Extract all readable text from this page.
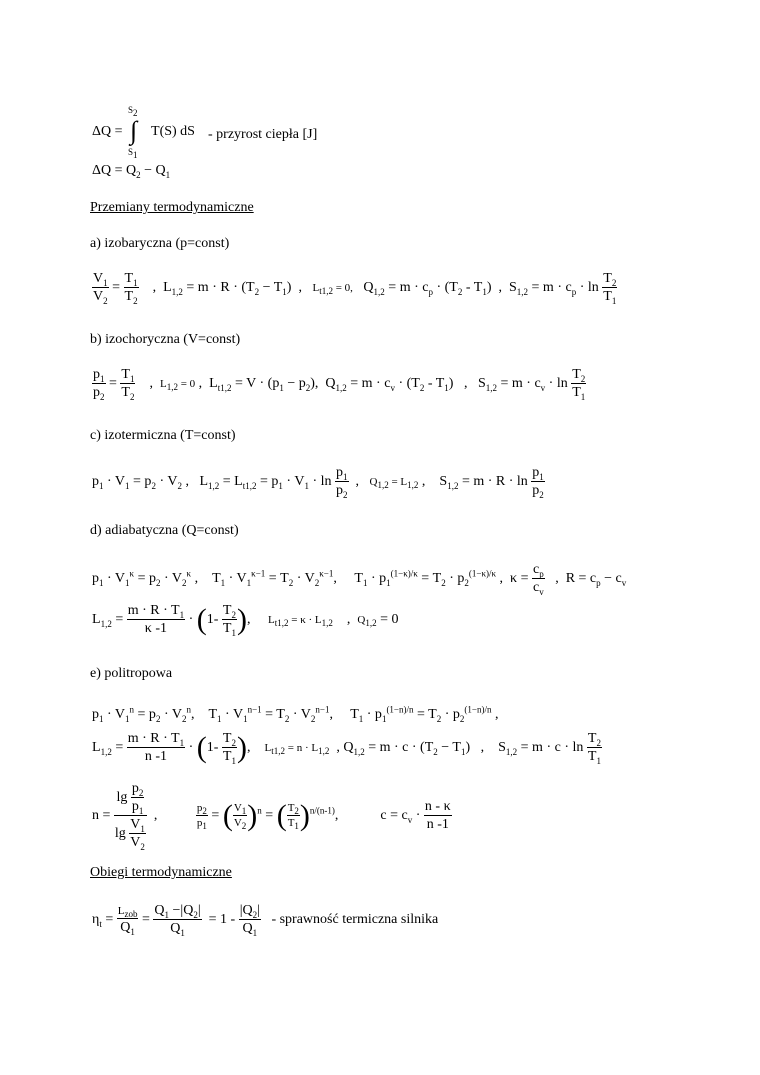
ΔQ =
$S_2$
∫
$S_1$
T(S) dS - przyrost ciepła [J]
$\Delta Q = Q_2 - Q_1$
Przemiany termodynamiczne
a) izobaryczna (p=const)
$\frac{V_1}{V_2} = \frac{T_1}{T_2}$ ,  $L_{1,2} = m \cdot R \cdot (T_2 - T_1)$  ,   $L_{t1,2} = 0$,   $Q_{1,2} = m \cdot c_p \cdot (T_2 - T_1)$  ,  $S_{1,2} = m \cdot c_p \cdot \ln \frac{T_2}{T_1}$
b) izochoryczna (V=const)
$\frac{p_1}{p_2} = \frac{T_1}{T_2}$ ,  $L_{1,2} = 0$ ,  $L_{t1,2} = V \cdot (p_1 - p_2)$,  $Q_{1,2} = m \cdot c_v \cdot (T_2 - T_1)$   ,   $S_{1,2} = m \cdot c_v \cdot \ln \frac{T_2}{T_1}$
c) izotermiczna (T=const)
$p_1 \cdot V_1 = p_2 \cdot V_2$ ,   $L_{1,2} = L_{t1,2} = p_1 \cdot V_1 \cdot \ln \frac{p_1}{p_2}$ ,   $Q_{1,2} = L_{1,2}$ ,    $S_{1,2} = m \cdot R \cdot \ln \frac{p_1}{p_2}$
d) adiabatyczna (Q=const)
$p_1 \cdot V_1^\kappa = p_2 \cdot V_2^\kappa$ ,    $T_1 \cdot V_1^{\kappa-1} = T_2 \cdot V_2^{\kappa-1}$,     $T_1 \cdot p_1^{(1-\kappa)/\kappa} = T_2 \cdot p_2^{(1-\kappa)/\kappa}$ ,  $\kappa = \frac{c_p}{c_v}$ ,  $R = c_p - c_v$
$L_{1,2} = \frac{m \cdot R \cdot T_1}{\kappa -1} \cdot (1- \frac{T_2}{T_1}$ ),     $L_{t1,2} = \kappa \cdot L_{1,2}$    ,  $Q_{1,2} = 0$
e) politropowa
$p_1 \cdot V_1^n = p_2 \cdot V_2^n$,    $T_1 \cdot V_1^{n-1} = T_2 \cdot V_2^{n-1}$,     $T_1 \cdot p_1^{(1-n)/n} = T_2 \cdot p_2^{(1-n)/n}$ ,
$L_{1,2} = \frac{m \cdot R \cdot T_1}{n -1} \cdot (1- \frac{T_2}{T_1}$ ),    $L_{t1,2} = n \cdot L_{1,2}$  , $Q_{1,2} = m \cdot c \cdot (T_2 - T_1)$   ,    $S_{1,2} = m \cdot c \cdot \ln \frac{T_2}{T_1}$
$n = \frac{\lg \frac{p_2}{p_1}}{\lg \frac{V_1}{V_2}}$ , $\frac{p_2}{p_1}$ = ( $\frac{V_1}{V_2} )^n$ = ( $\frac{T_2}{T_1} )^{n/(n-1)}$,            $c = c_v \cdot \frac{n - \kappa}{n -1}$
Obiegi termodynamiczne
$\eta_t = \frac{L_{zob}}{Q_1} = \frac{Q_1 -|Q_2|}{Q_1} = 1 - \frac{|Q_2|}{Q_1}$ - sprawność termiczna silnika
